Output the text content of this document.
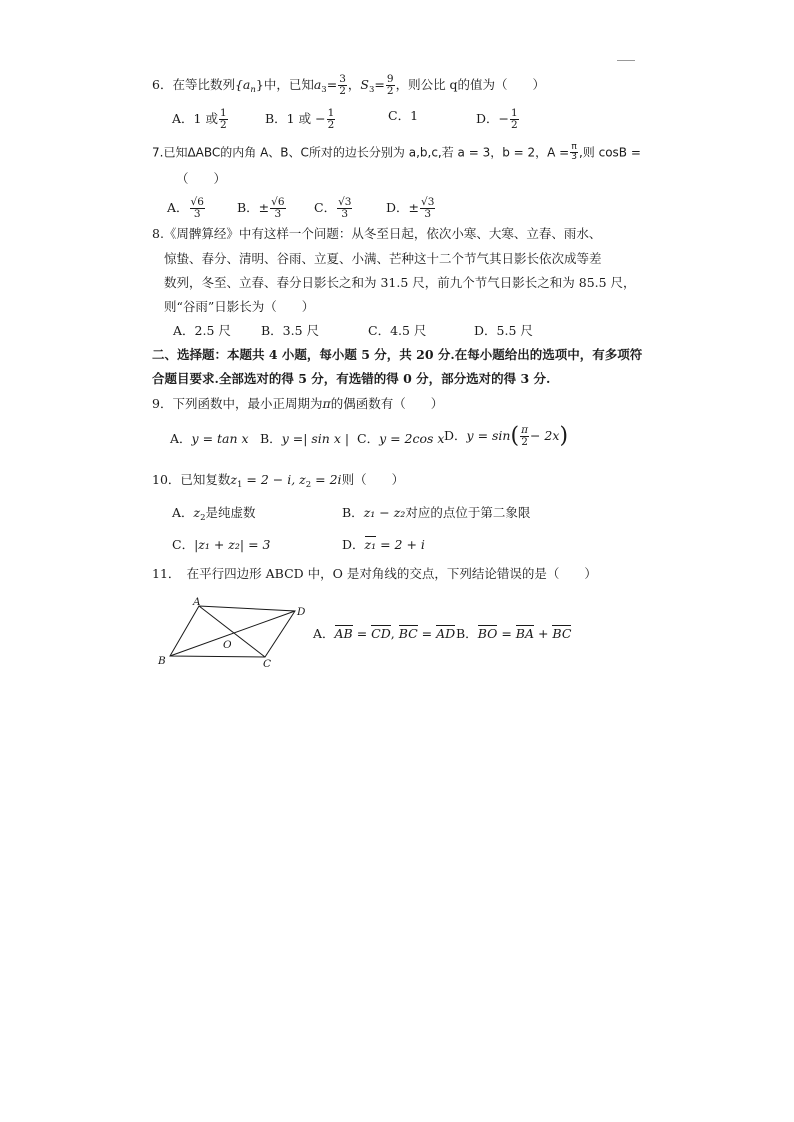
6．在等比数列$\{a_n\}$中，已知$a_3= \frac{3}{2}$ ，$S_3= \frac{9}{2}$ ，则公比 q的值为（　　）
A．1 或 $\frac{1}{2}$	B．1 或 − $\frac{1}{2}$	C．1	D．− $\frac{1}{2}$
7.已知ΔABC的内角 A、B、C所对的边长分别为 a,b,c,若 a = 3，b = 2，$A = \frac{\pi}{3}$ ,则 cosB =
（　　）
A． $\frac{√6}{3}$	B．± $\frac{√6}{3}$ C． $\frac{√3}{3}$	D．± $\frac{√3}{3}$
8.《周髀算经》中有这样一个问题：从冬至日起，依次小寒、大寒、立春、雨水、
惊蛰、春分、清明、谷雨、立夏、小满、芒种这十二个节气其日影长依次成等差
数列，冬至、立春、春分日影长之和为 31.5 尺，前九个节气日影长之和为 85.5 尺，
则“谷雨”日影长为（　　）
A．2.5 尺 B．3.5 尺	C．4.5 尺	D．5.5 尺
二、选择题：本题共 4 小题，每小题 5 分，共 20 分.在每小题给出的选项中，有多项符
合题目要求.全部选对的得 5 分，有选错的得 0 分，部分选对的得 3 分.
9．下列函数中，最小正周期为π的偶函数有（　　）
A．y = tan x B．y =| sin x | C．y = 2cos x D．$y = \sin( \frac{\pi}{2} - 2x)$
10．已知复数$z_1 = 2 - i$, $z_2 = 2i$则（　　）
A．$z_2$是纯虚数	B．z₁ − z₂对应的点位于第二象限
C．|z₁ + z₂| = 3	D．z₁ = 2 + i
11．　在平行四边形 ABCD 中，O 是对角线的交点，下列结论错误的是（　　）
A
D
B	C
O
A．AB = CD, BC = AD B．BO = BA + BC
